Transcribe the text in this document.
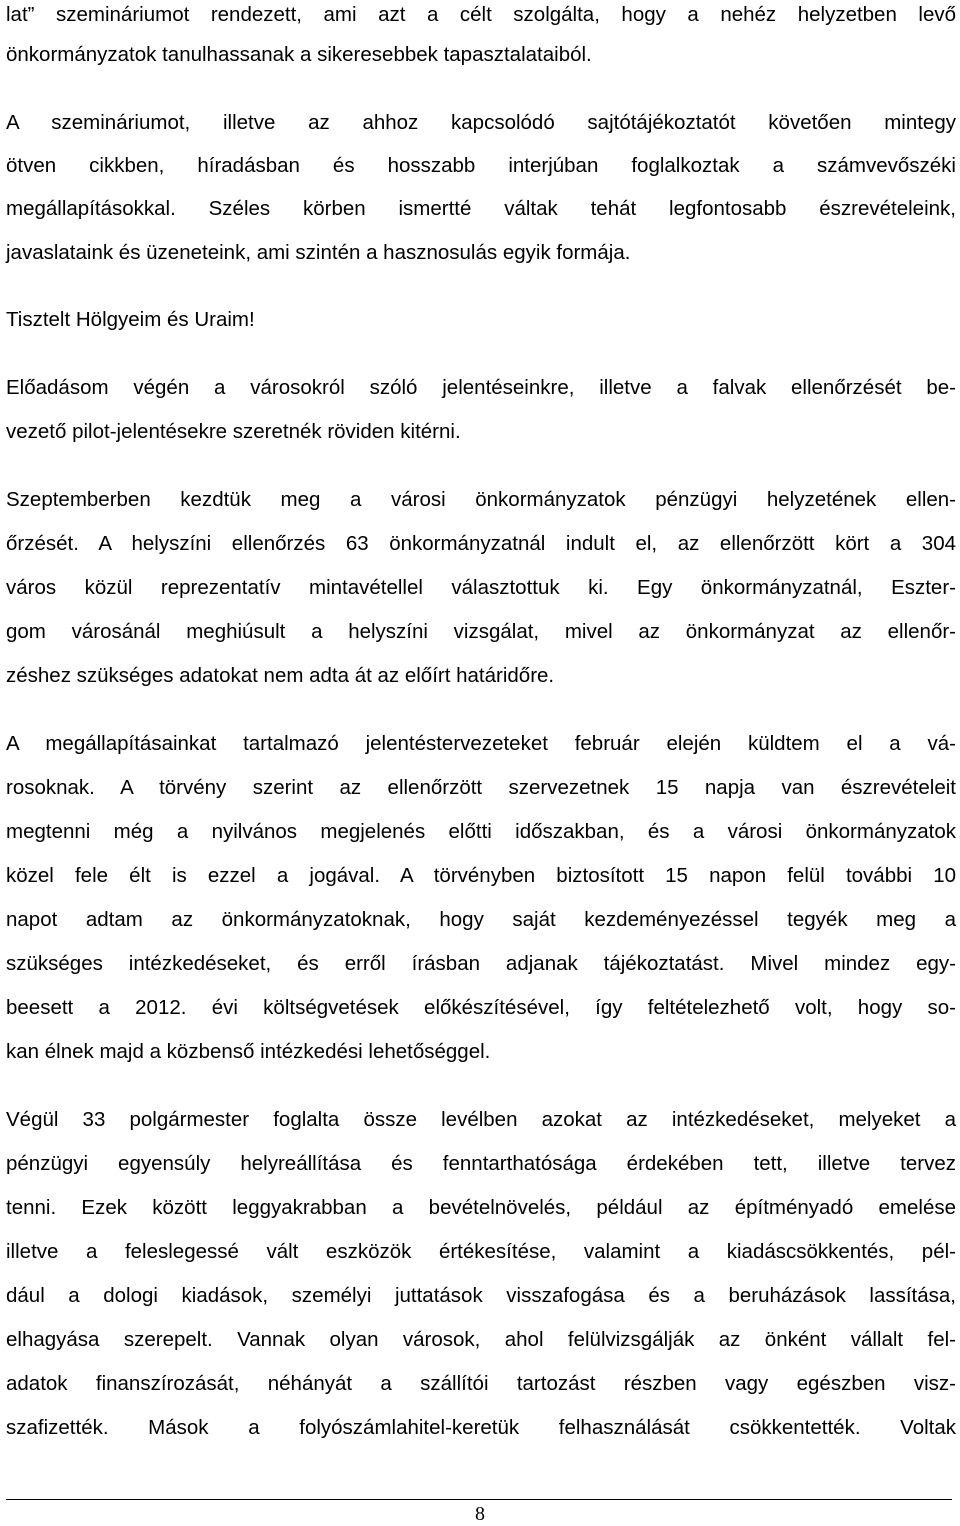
lat” szemináriumot rendezett, ami azt a célt szolgálta, hogy a nehéz helyzetben levő
önkormányzatok tanulhassanak a sikeresebbek tapasztalataiból.
A szemináriumot, illetve az ahhoz kapcsolódó sajtótájékoztatót követően mintegy
ötven cikkben, híradásban és hosszabb interjúban foglalkoztak a számvevőszéki
megállapításokkal. Széles körben ismertté váltak tehát legfontosabb észrevételeink,
javaslataink és üzeneteink, ami szintén a hasznosulás egyik formája.
Tisztelt Hölgyeim és Uraim!
Előadásom végén a városokról szóló jelentéseinkre, illetve a falvak ellenőrzését be-
vezető pilot-jelentésekre szeretnék röviden kitérni.
Szeptemberben kezdtük meg a városi önkormányzatok pénzügyi helyzetének ellen-
őrzését. A helyszíni ellenőrzés 63 önkormányzatnál indult el, az ellenőrzött kört a 304
város közül reprezentatív mintavétellel választottuk ki. Egy önkormányzatnál, Eszter-
gom városánál meghiúsult a helyszíni vizsgálat, mivel az önkormányzat az ellenőr-
zéshez szükséges adatokat nem adta át az előírt határidőre.
A megállapításainkat tartalmazó jelentéstervezeteket február elején küldtem el a vá-
rosoknak. A törvény szerint az ellenőrzött szervezetnek 15 napja van észrevételeit
megtenni még a nyilvános megjelenés előtti időszakban, és a városi önkormányzatok
közel fele élt is ezzel a jogával. A törvényben biztosított 15 napon felül további 10
napot adtam az önkormányzatoknak, hogy saját kezdeményezéssel tegyék meg a
szükséges intézkedéseket, és erről írásban adjanak tájékoztatást. Mivel mindez egy-
beesett a 2012. évi költségvetések előkészítésével, így feltételezhető volt, hogy so-
kan élnek majd a közbenső intézkedési lehetőséggel.
Végül 33 polgármester foglalta össze levélben azokat az intézkedéseket, melyeket a
pénzügyi egyensúly helyreállítása és fenntarthatósága érdekében tett, illetve tervez
tenni. Ezek között leggyakrabban a bevételnövelés, például az építményadó emelése
illetve a feleslegessé vált eszközök értékesítése, valamint a kiadáscsökkentés, pél-
dául a dologi kiadások, személyi juttatások visszafogása és a beruházások lassítása,
elhagyása szerepelt. Vannak olyan városok, ahol felülvizsgálják az önként vállalt fel-
adatok finanszírozását, néhányát a szállítói tartozást részben vagy egészben visz-
szafizették. Mások a folyószámlahitel-keretük felhasználását csökkentették. Voltak
8
